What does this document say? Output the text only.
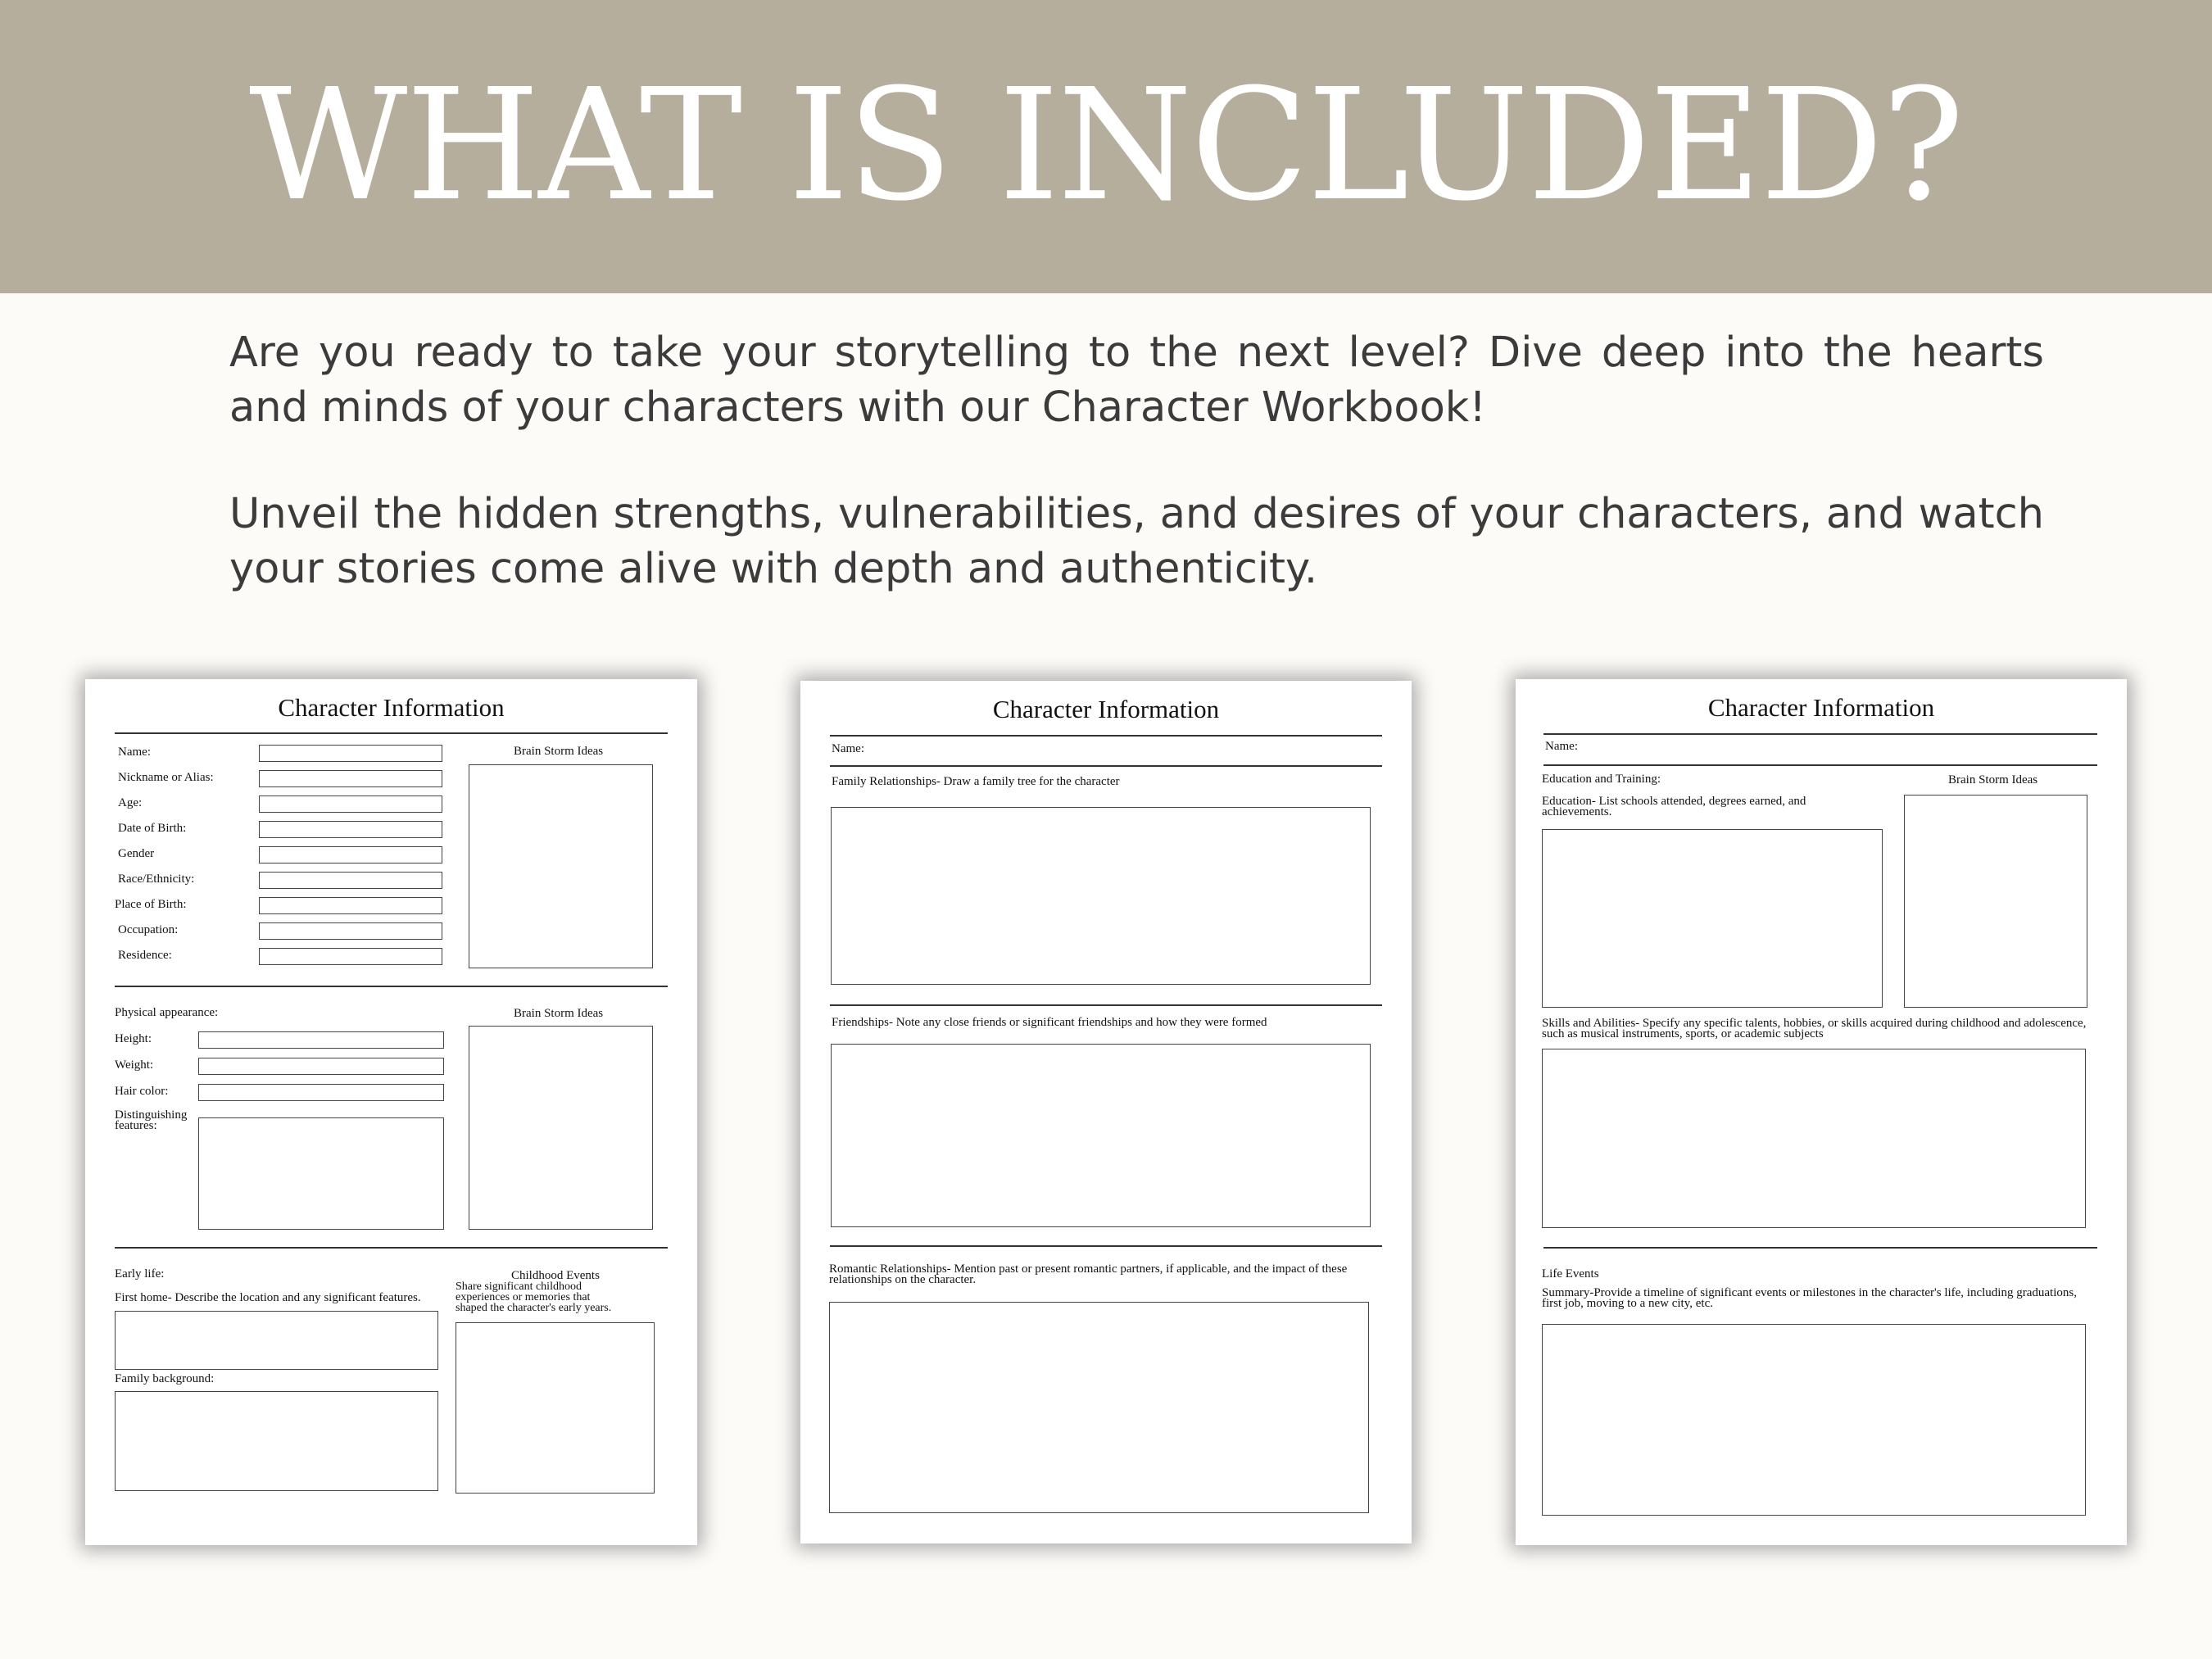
WHAT IS INCLUDED?

Are you ready to take your storytelling to the next level? Dive deep into the hearts and minds of your characters with our Character Workbook!

Unveil the hidden strengths, vulnerabilities, and desires of your characters, and watch your stories come alive with depth and authenticity.

Character Information
Name:
Nickname or Alias:
Age:
Date of Birth:
Gender
Race/Ethnicity:
Place of Birth:
Occupation:
Residence:
Brain Storm Ideas
Physical appearance:	Brain Storm Ideas
Height:
Weight:
Hair color:
Distinguishing features:
Early life:
First home- Describe the location and any significant features.
Family background:
Childhood Events
Share significant childhood experiences or memories that shaped the character's early years.
Character Information
Name:
Family Relationships- Draw a family tree for the character
Friendships- Note any close friends or significant friendships and how they were formed
Romantic Relationships- Mention past or present romantic partners, if applicable, and the impact of these relationships on the character.
Character Information
Name:
Education and Training:	Brain Storm Ideas
Education- List schools attended, degrees earned, and achievements.
Skills and Abilities- Specify any specific talents, hobbies, or skills acquired during childhood and adolescence, such as musical instruments, sports, or academic subjects
Life Events
Summary-Provide a timeline of significant events or milestones in the character's life, including graduations, first job, moving to a new city, etc.
